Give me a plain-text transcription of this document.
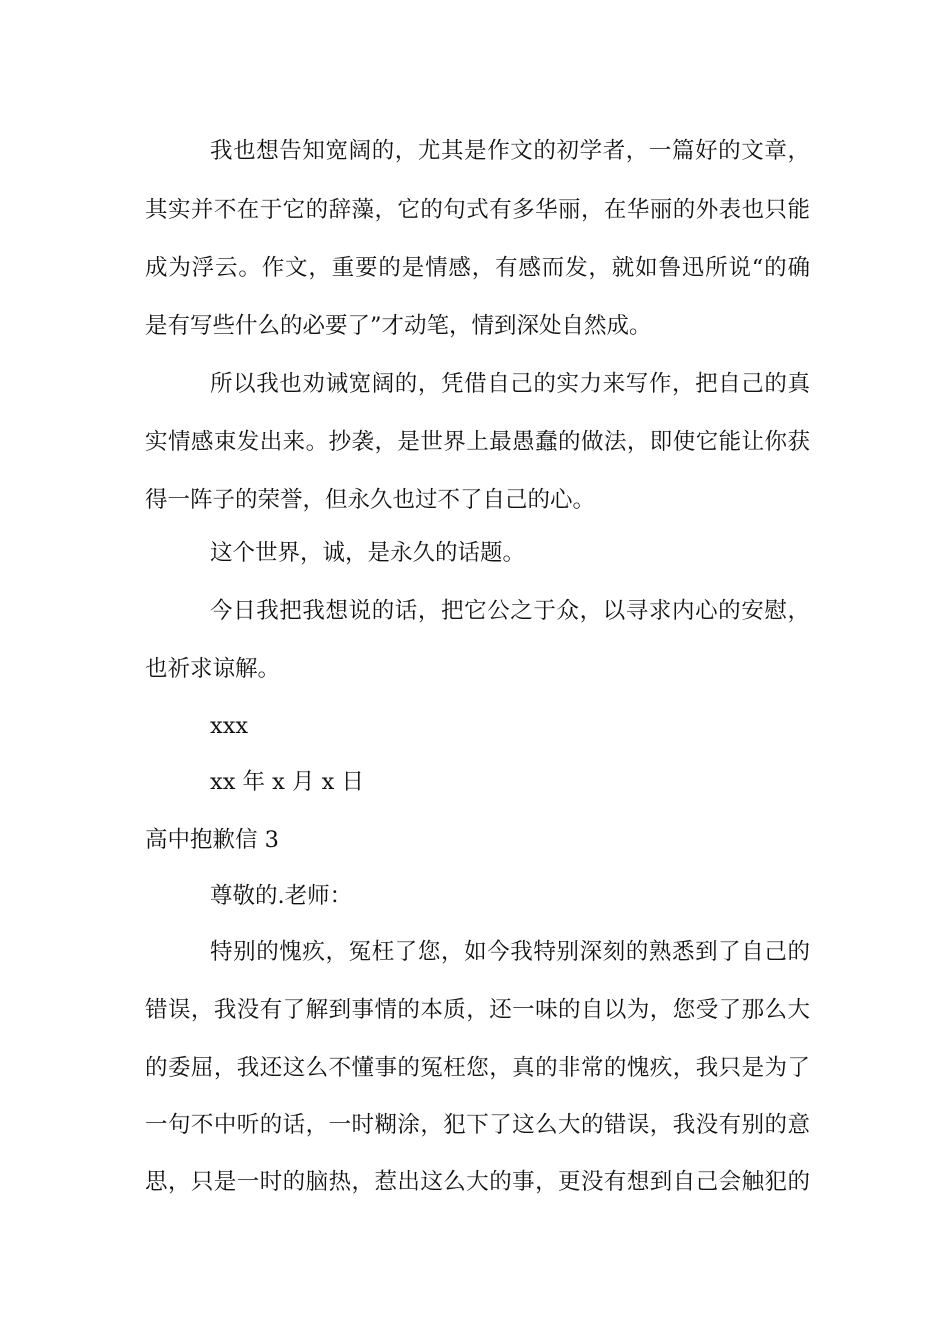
我也想告知宽阔的，尤其是作文的初学者，一篇好的文章，
其实并不在于它的辞藻，它的句式有多华丽，在华丽的外表也只能
成为浮云。作文，重要的是情感，有感而发，就如鲁迅所说“的确
是有写些什么的必要了”才动笔，情到深处自然成。
所以我也劝诫宽阔的，凭借自己的实力来写作，把自己的真
实情感束发出来。抄袭，是世界上最愚蠢的做法，即使它能让你获
得一阵子的荣誉，但永久也过不了自己的心。
这个世界，诚，是永久的话题。
今日我把我想说的话，把它公之于众，以寻求内心的安慰，
也祈求谅解。
xxx
xx 年 x 月 x 日
高中抱歉信 3
尊敬的.老师：
特别的愧疚，冤枉了您，如今我特别深刻的熟悉到了自己的
错误，我没有了解到事情的本质，还一味的自以为，您受了那么大
的委屈，我还这么不懂事的冤枉您，真的非常的愧疚，我只是为了
一句不中听的话，一时糊涂，犯下了这么大的错误，我没有别的意
思，只是一时的脑热，惹出这么大的事，更没有想到自己会触犯的
